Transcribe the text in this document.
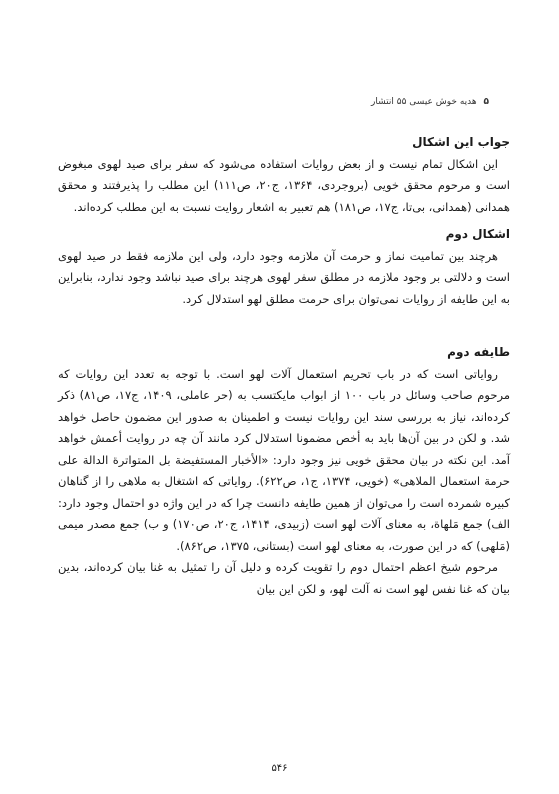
۵ هدیه خوش عیسی ۵۵ انتشار

جواب این اشکال

این اشکال تمام نیست و از بعض روایات استفاده می‌شود که سفر برای صید لهوی مبغوض است و مرحوم محقق خویی (بروجردی، ۱۳۶۴، ج۲۰، ص۱۱۱) این مطلب را پذیرفتند و محقق همدانی (همدانی، بی‌تا، ج۱۷، ص۱۸۱) هم تعبیر به اشعار روایت نسبت به این مطلب کرده‌اند.

اشکال دوم

هرچند بین تمامیت نماز و حرمت آن ملازمه وجود دارد، ولی این ملازمه فقط در صید لهوی است و دلالتی بر وجود ملازمه در مطلق سفر لهوی هرچند برای صید نباشد وجود ندارد، بنابراین به این طایفه از روایات نمی‌توان برای حرمت مطلق لهو استدلال کرد.

طایفه دوم

روایاتی است که در باب تحریم استعمال آلات لهو است. با توجه به تعدد این روایات که مرحوم صاحب وسائل در باب ۱۰۰ از ابواب مایکتسب به (حر عاملی، ۱۴۰۹، ج۱۷، ص۸۱) ذکر کرده‌اند، نیاز به بررسی سند این روایات نیست و اطمینان به صدور این مضمون حاصل خواهد شد. و لکن در بین آن‌ها باید به أخص مضمونا استدلال کرد مانند آن چه در روایت أعمش خواهد آمد. این نکته در بیان محقق خویی نیز وجود دارد: «الأخبار المستفیضة بل المتواترة الدالة علی حرمة استعمال الملاهی» (خویی، ۱۳۷۴، ج۱، ص۶۲۲). روایاتی که اشتغال به ملاهی را از گناهان کبیره شمرده است را می‌توان از همین طایفه دانست چرا که در این واژه دو احتمال وجود دارد: الف) جمع مَلهاة، به معنای آلات لهو است (زبیدی، ۱۴۱۴، ج۲۰، ص۱۷۰) و ب) جمع مصدر میمی (مَلهی) که در این صورت، به معنای لهو است (بستانی، ۱۳۷۵، ص۸۶۲).

مرحوم شیخ اعظم احتمال دوم را تقویت کرده و دلیل آن را تمثیل به غنا بیان کرده‌اند، بدین بیان که غنا نفس لهو است نه آلت لهو، و لکن این بیان

۵۴۶
